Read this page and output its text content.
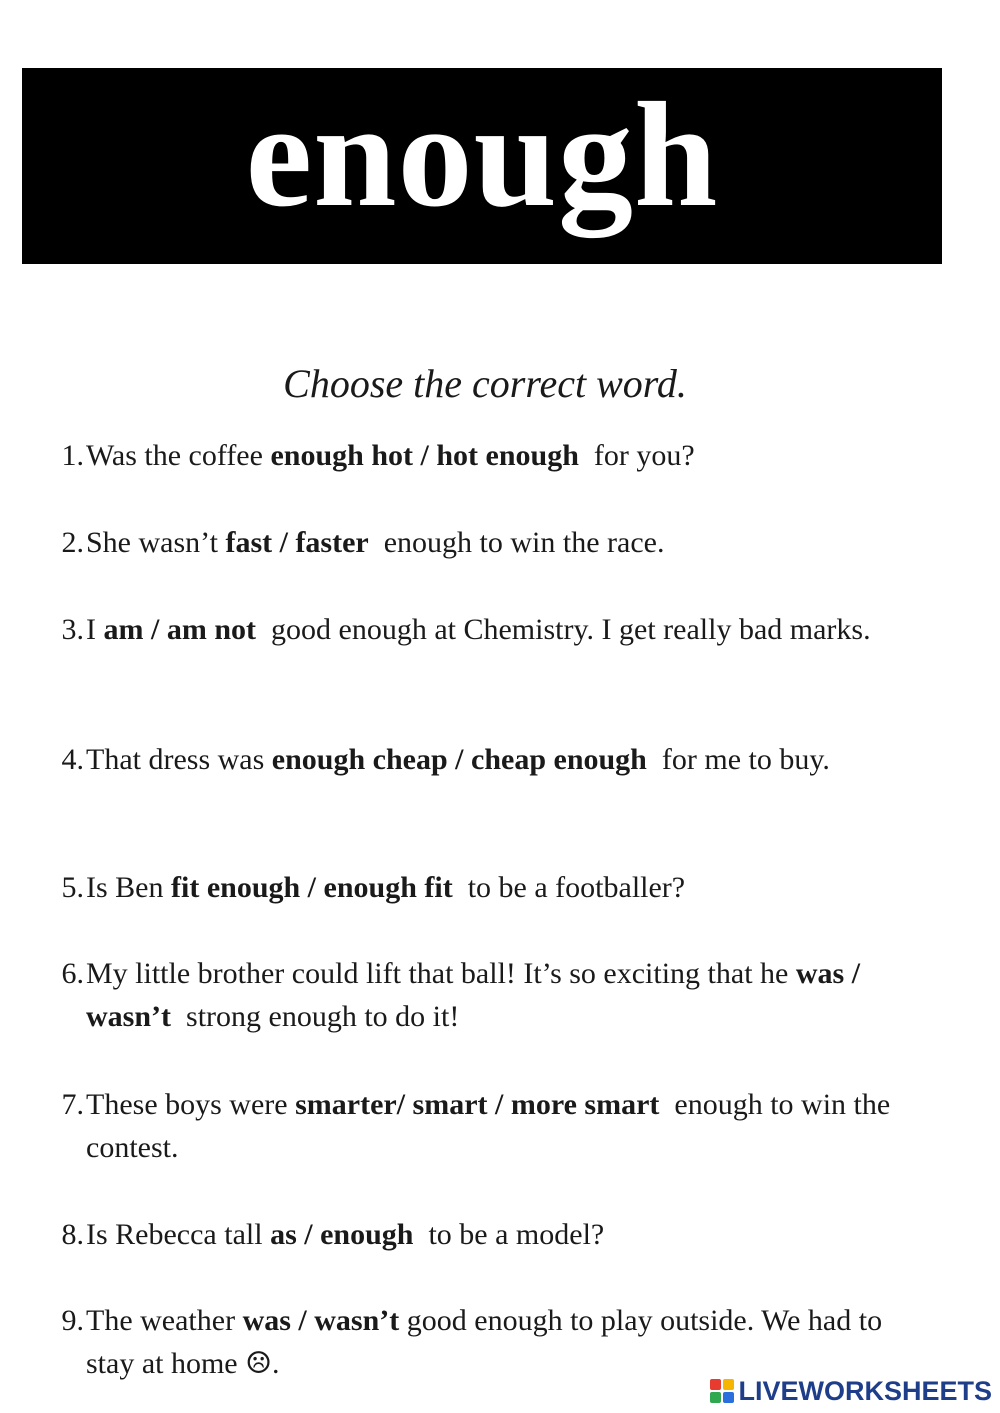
enough
Choose the correct word.
1. Was the coffee enough hot / hot enough  for you?
2. She wasn’t fast / faster  enough to win the race.
3. I am / am not  good enough at Chemistry. I get really bad marks.
4. That dress was enough cheap / cheap enough  for me to buy.
5. Is Ben fit enough / enough fit  to be a footballer?
6. My little brother could lift that ball! It’s so exciting that he was / wasn’t  strong enough to do it!
7. These boys were smarter/ smart / more smart  enough to win the contest.
8. Is Rebecca tall as / enough  to be a model?
9. The weather was / wasn’t good enough to play outside. We had to stay at home ☹.
LIVEWORKSHEETS
